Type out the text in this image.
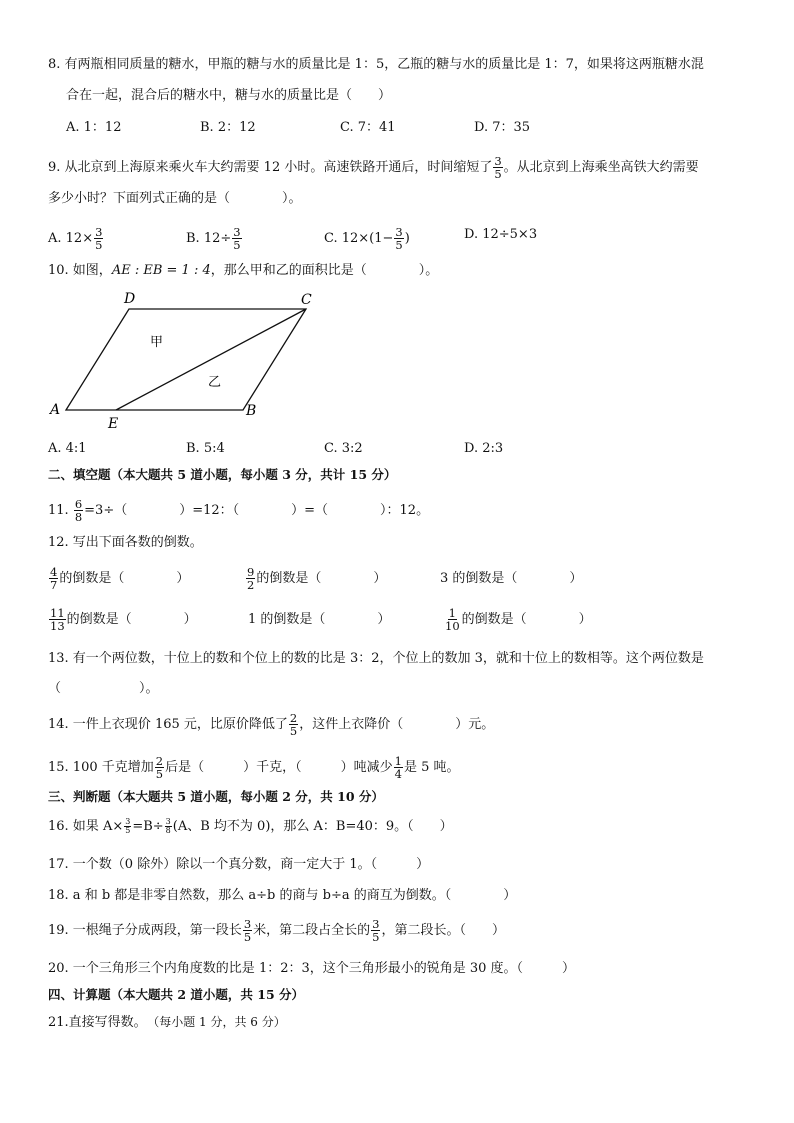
8. 有两瓶相同质量的糖水，甲瓶的糖与水的质量比是 1：5，乙瓶的糖与水的质量比是 1：7，如果将这两瓶糖水混
合在一起，混合后的糖水中，糖与水的质量比是（　　）
A. 1：12	B. 2：12	C. 7：41	D. 7：35
9. 从北京到上海原来乘火车大约需要 12 小时。高速铁路开通后，时间缩短了 $\frac{3}{5}$ 。从北京到上海乘坐高铁大约需要
多少小时？下面列式正确的是（　　　　）。
A. $12\times \frac{3}{5}$	B. $12\div \frac{3}{5}$	C. $12\times(1- \frac{3}{5}$ )	D. 12÷5×3
10. 如图，AE : EB = 1 : 4，那么甲和乙的面积比是（　　　　）。
D	C
A	B
E
甲
乙
A. 4:1	B. 5:4	C. 3:2	D. 2:3
二、填空题（本大题共 5 道小题，每小题 3 分，共计 15 分）
11. $\frac{6}{8} =3\div$（　　　　）=12：（　　　　）=（　　　　）：12。
12. 写出下面各数的倒数。
$\frac{4}{7}$ 的倒数是（　　　　）	$\frac{9}{2}$ 的倒数是（　　　　）	3 的倒数是（　　　　）
$\frac{11}{13}$ 的倒数是（　　　　）	1 的倒数是（　　　　）	$\frac{1}{10}$ 的倒数是（　　　　）
13. 有一个两位数，十位上的数和个位上的数的比是 3：2，个位上的数加 3，就和十位上的数相等。这个两位数是
（　　　　　　）。
14. 一件上衣现价 165 元，比原价降低了 $\frac{2}{5}$ ，这件上衣降价（　　　　）元。
15. 100 千克增加 $\frac{2}{5}$ 后是（　　　）千克，（　　　）吨减少 $\frac{1}{4}$ 是 5 吨。
三、判断题（本大题共 5 道小题，每小题 2 分，共 10 分）
16. 如果 $A\times \frac{3}{5} =B\div \frac{3}{8} (A$、B 均不为 0)，那么 A：B=40：9。（　　）
17. 一个数（0 除外）除以一个真分数，商一定大于 1。（　　　）
18. a 和 b 都是非零自然数，那么 a÷b 的商与 b÷a 的商互为倒数。（　　　　）
19. 一根绳子分成两段，第一段长 $\frac{3}{5}$ 米，第二段占全长的 $\frac{3}{5}$ ，第二段长。（　　）
20. 一个三角形三个内角度数的比是 1：2：3，这个三角形最小的锐角是 30 度。（　　　）
四、计算题（本大题共 2 道小题，共 15 分）
21.直接写得数。　 （每小题 1 分，共 6 分）
